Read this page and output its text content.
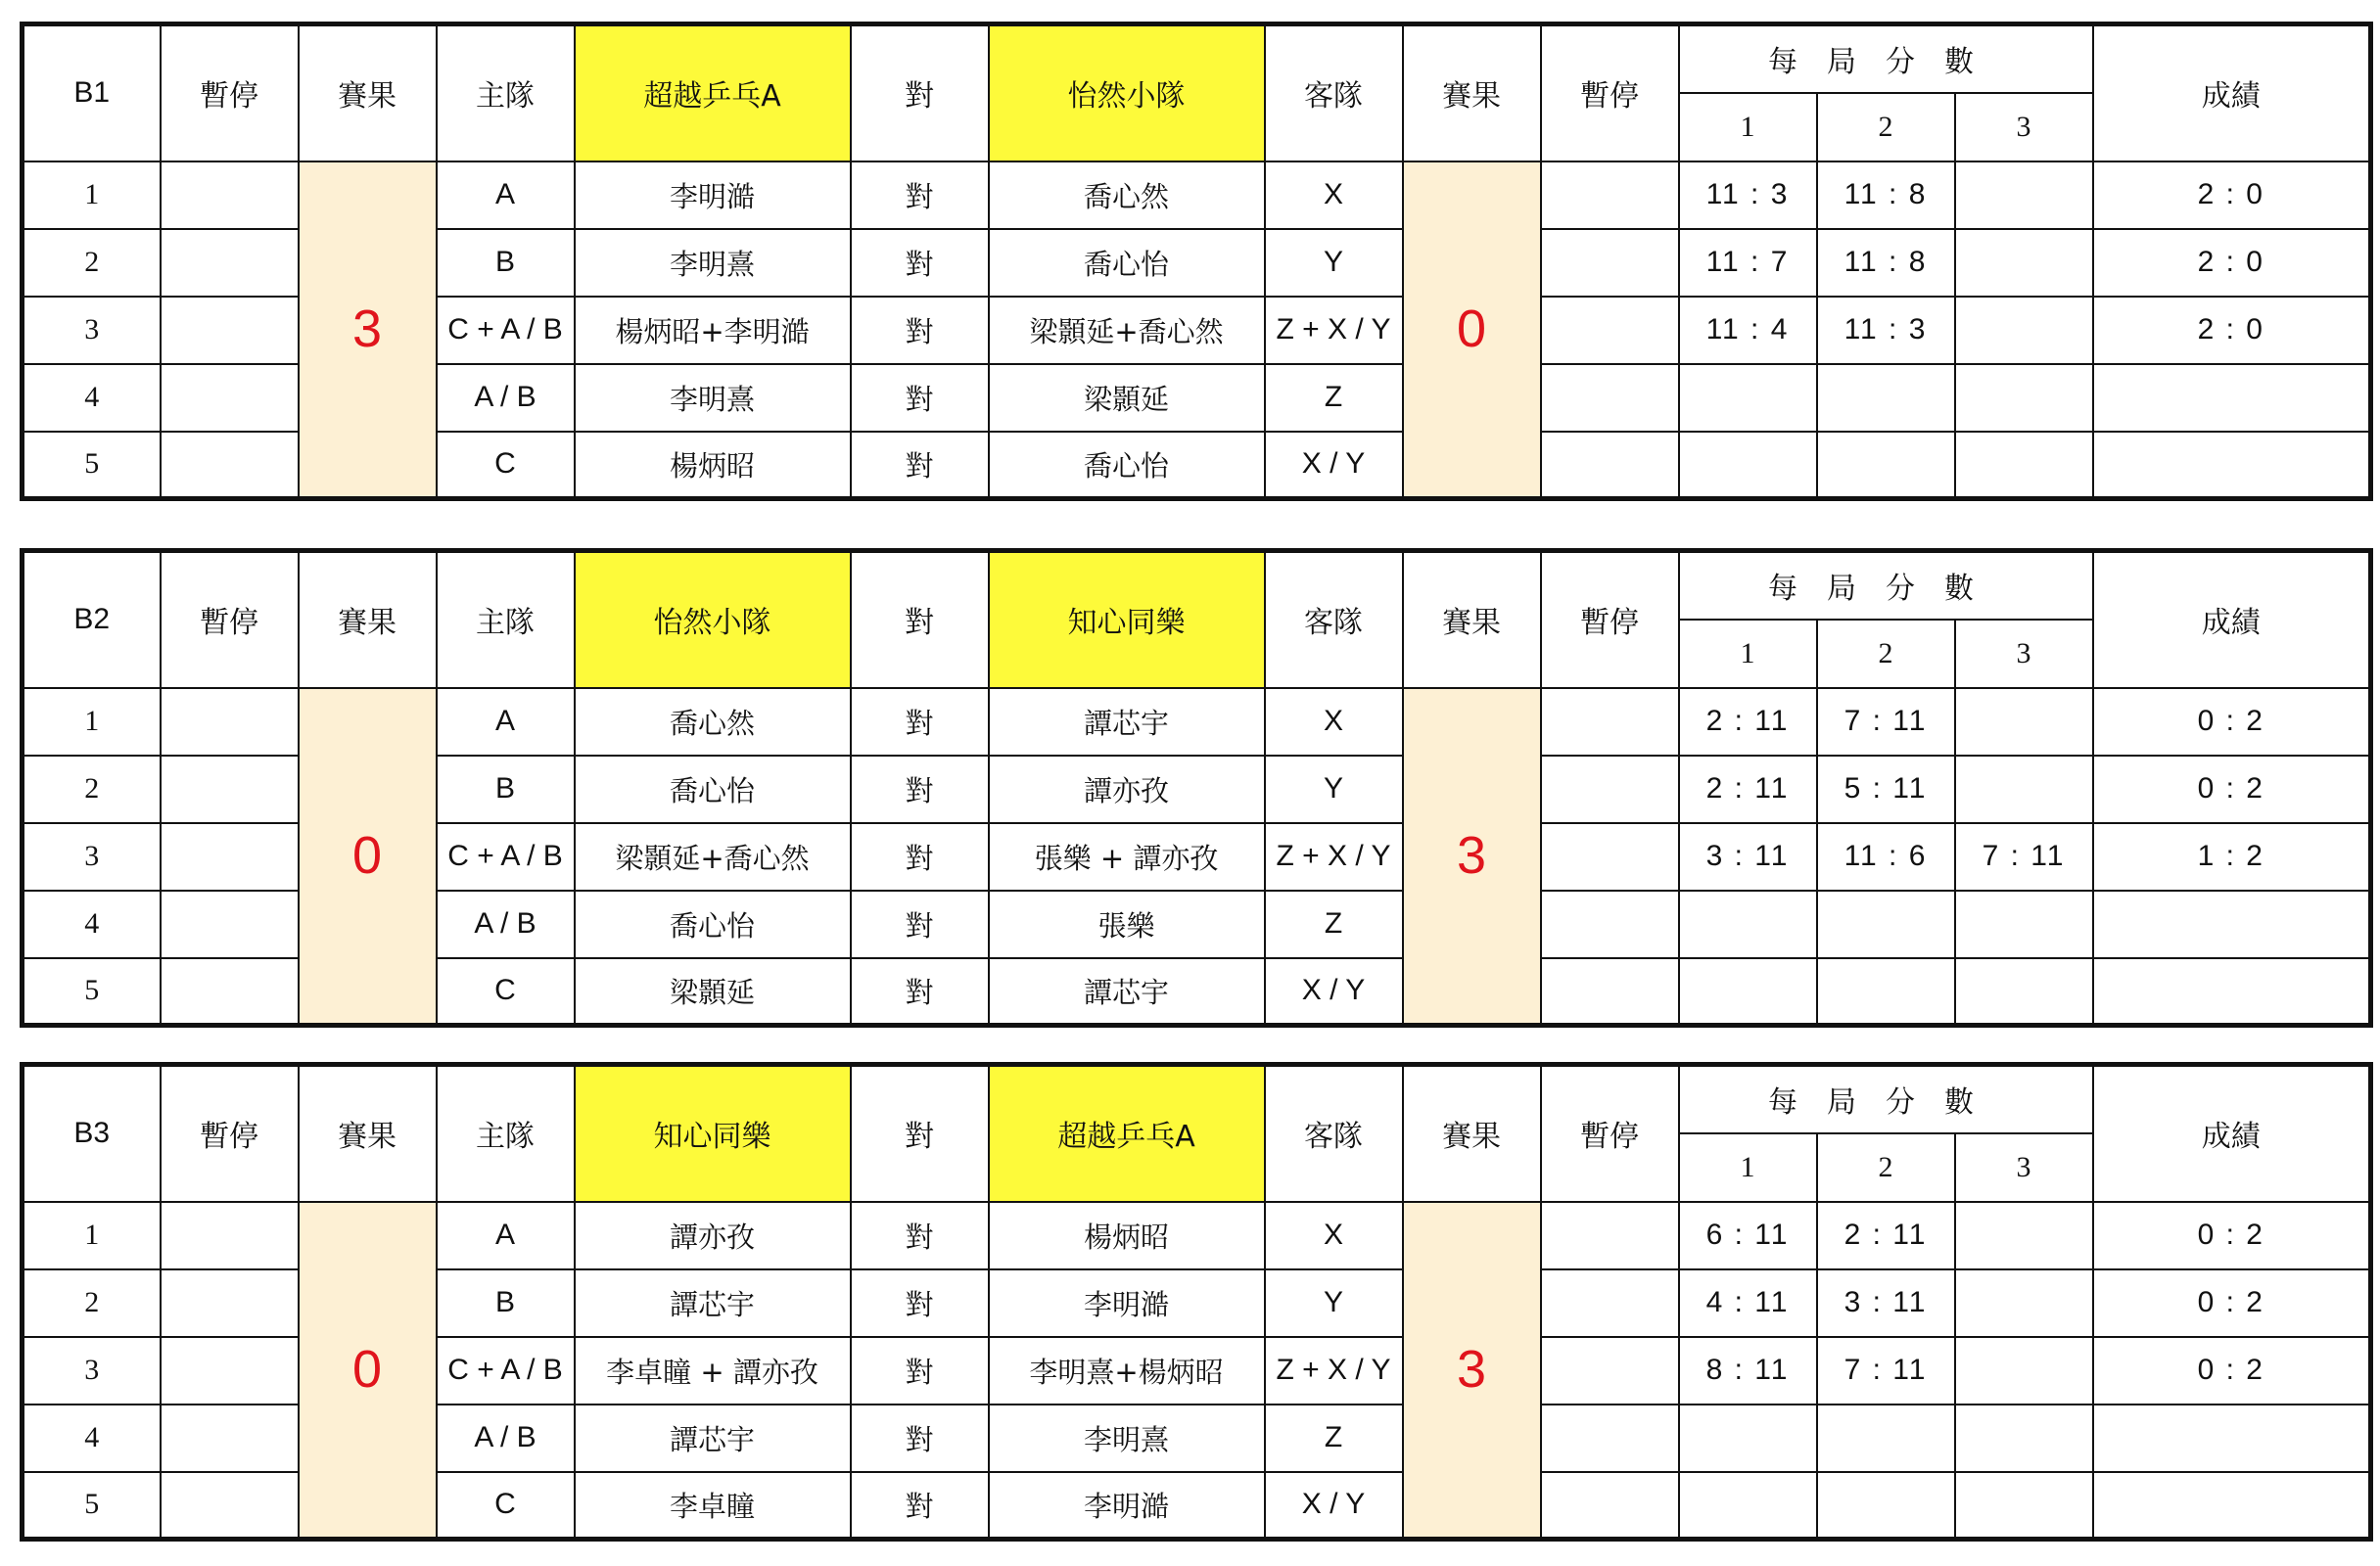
B1	暫停	賽果	主隊	超越乒乓A	對	怡然小隊	客隊	賽果	暫停	每局分數			成績
										1	2	3	
1		3	A	李明澔	對	喬心然	X	0		11 : 3	11 : 8		2 : 0
2			B	李明熹	對	喬心怡	Y			11 : 7	11 : 8		2 : 0
3			C + A / B	楊炳昭+李明澔	對	梁顥延+喬心然	Z + X / Y			11 : 4	11 : 3		2 : 0
4			A / B	李明熹	對	梁顥延	Z						
5			C	楊炳昭	對	喬心怡	X / Y						
B2	暫停	賽果	主隊	怡然小隊	對	知心同樂	客隊	賽果	暫停	每局分數			成績
										1	2	3	
1		0	A	喬心然	對	譚芯宇	X	3		2 : 11	7 : 11		0 : 2
2			B	喬心怡	對	譚亦孜	Y			2 : 11	5 : 11		0 : 2
3			C + A / B	梁顥延+喬心然	對	張樂 + 譚亦孜	Z + X / Y			3 : 11	11 : 6	7 : 11	1 : 2
4			A / B	喬心怡	對	張樂	Z						
5			C	梁顥延	對	譚芯宇	X / Y						
B3	暫停	賽果	主隊	知心同樂	對	超越乒乓A	客隊	賽果	暫停	每局分數			成績
										1	2	3	
1		0	A	譚亦孜	對	楊炳昭	X	3		6 : 11	2 : 11		0 : 2
2			B	譚芯宇	對	李明澔	Y			4 : 11	3 : 11		0 : 2
3			C + A / B	李卓瞳 + 譚亦孜	對	李明熹+楊炳昭	Z + X / Y			8 : 11	7 : 11		0 : 2
4			A / B	譚芯宇	對	李明熹	Z						
5			C	李卓瞳	對	李明澔	X / Y						
